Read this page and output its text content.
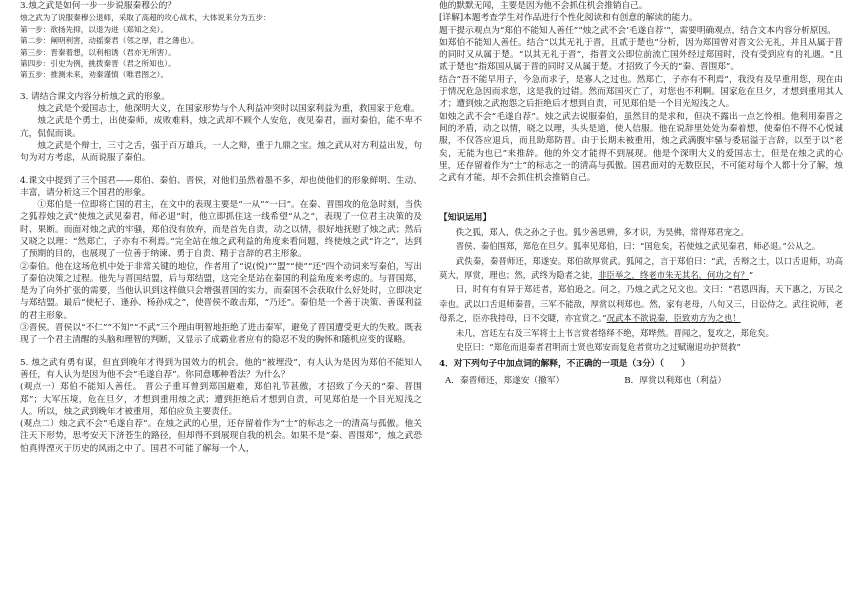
3.烛之武是如何一步一步说服秦穆公的？

烛之武为了说服秦穆公退师，采取了高超的攻心战术，大体说来分为五步：

第一步：欲扬先抑，以退为进（郑知之矣）。

第二步：阐明利害，动摇秦君（邻之厚，君之薄也）。

第三步：晋秦着想，以利相诱（君亦无所害）。

第四步：引史为例，挑拨秦晋（君之所知也）。

第五步：推测未来，劝秦谨慎（唯君图之）。

3. 请结合课文内容分析烛之武的形象。

烛之武是个爱国志士，他深明大义，在国家形势与个人利益冲突时以国家利益为重，救国家于危难。

烛之武是个勇士，出使秦师，成败难料，烛之武却不顾个人安危，夜见秦君，面对秦伯，能不卑不亢，侃侃而谈。

烛之武是个辩士，三寸之舌，强于百万雄兵，一人之辩，重于九鼎之宝。烛之武从对方利益出发，句句为对方考虑，从而说服了秦伯。

4.课文中提到了三个国君——郑伯、秦伯、晋侯，对他们虽然着墨不多，却也使他们的形象鲜明、生动、丰富，请分析这三个国君的形象。

①郑伯是一位即将亡国的君主，在文中的表现主要是“一从”“一曰”。在秦、晋围攻的危急时刻，当佚之狐荐烛之武“使烛之武见秦君，师必退”时，他立即抓住这一线希望“从之”，表现了一位君主决策的及时、果断。而面对烛之武的牢骚，郑伯没有放弃，而是首先自责，动之以情，很好地抚慰了烛之武；然后又晓之以理：“然郑亡，子亦有不利焉。”完全站在烛之武利益的角度来看问题，终使烛之武“许之”，达到了预期的目的，也展现了一位善于纳谏、勇于自责、精于言辞的君主形象。

②秦伯。他在这场危机中处于非常关键的地位，作者用了“说(悦)”“盟”“使”“还”四个动词来写秦伯，写出了秦伯决策之过程。他先与晋国结盟，后与郑结盟，这完全是站在秦国的利益角度来考虑的。与晋国郑，是为了向外扩张的需要，当他认识到这样做只会增强晋国的实力，而秦国不会获取什么好处时，立即决定与郑结盟。最后“使杞子、逢孙、杨孙戍之”，使晋侯不敢击郑，“乃还”。秦伯是一个善于决策、善谋利益的君主形象。

③晋侯。晋侯以“不仁”“不知”“不武”三个理由明智地拒绝了进击秦军，避免了晋国遭受更大的失败。既表现了一个君主清醒的头脑和理智的判断，又显示了成霸业者应有的隐忍不发的胸怀和随机应变的谋略。

5. 烛之武有勇有谋，但直到晚年才得到为国效力的机会。他的“被埋没”，有人认为是因为郑伯不能知人善任，有人认为是因为他不会“毛遂自荐”。你同意哪种看法？为什么？

(观点一）郑伯不能知人善任。 晋公子重耳曾到郑国避难，郑伯礼节甚傲，才招致了今天的“秦、晋围郑”；大军压境，危在旦夕，才想到重用烛之武；遭到拒绝后才想到自责，可见郑伯是一个目光短浅之人。所以，烛之武到晚年才被重用，郑伯应负主要责任。

(观点二）烛之武不会“毛遂自荐”。在烛之武的心里，还存留着作为“士”的标志之一的清高与孤傲。他关注天下形势，思考安天下济苍生的路径，但却得不到展现自我的机会。如果不是“秦、晋围郑”，烛之武恐怕真得湮灭于历史的风雨之中了。国君不可能了解每一个人，

他的默默无闻，主要是因为他不会抓住机会推销自己。

[详解]本题考查学生对作品进行个性化阅读和有创意的解读的能力。

题干提示观点为“郑伯不能知人善任”“烛之武不会‘毛遂自荐’”，需要明确观点，结合文本内容分析原因。

如郑伯不能知人善任。结合“以其无礼于晋，且贰于楚也”分析，因为郑国曾对晋文公无礼，并且从属于晋的同时又从属于楚。“以其无礼于晋”，指晋文公即位前流亡国外经过郑国时，没有受到应有的礼遇。“且贰于楚也”指郑国从属于晋的同时又从属于楚。才招致了今天的“秦、晋围郑”。

结合“吾不能早用子，今急而求子，是寡人之过也。然郑亡，子亦有不利焉”，我没有及早重用您，现在由于情况危急因而求您，这是我的过错。然而郑国灭亡了，对您也不利啊。国家危在旦夕，才想到重用其人才；遭到烛之武抱怨之后拒绝后才想到自责，可见郑伯是一个目光短浅之人。

如烛之武不会“毛遂自荐”。烛之武去说服秦伯，虽然目的是求和，但决不露出一点乞怜相。他利用秦晋之间的矛盾，动之以情，晓之以理，头头是道，使人信服。他在说辞里处处为秦着想，使秦伯不得不心悦诚服，不仅答应退兵，而且助郑防晋。由于长期未被重用，烛之武满腹牢骚与委屈溢于言辞，以至于以“老矣，无能为也已”来推辞。他的外交才能得不到展现。他是个深明大义的爱国志士，但是在烛之武的心里，还存留着作为“士”的标志之一的清高与孤傲。国君面对的无数臣民，不可能对每个人都十分了解，烛之武有才能，却不会抓住机会推销自己。

【知识运用】

佚之狐，郑人，佚之孙之子也。狐少善思辨，多才识，为昊佛，常得郑君宠之。

晋侯、秦伯围郑，郑危在旦夕。狐率见郑伯，曰：“国危矣，若使烛之武见秦君，师必退。”公从之。

武佚秦，秦晋师还，郑遂安。郑伯欲厚赏武。狐闻之，言于郑伯曰：“武，舌辩之士，以口舌退师，功高莫大，厚赏，理也；然，武终为隐者之徒，非臣举之，终老市朱无其名，何功之有？”

日，时有有有异于郑廷者，郑伯逊之。问之，乃烛之武之兄文也。文曰：“君恩四海，天下惠之，万民之幸也。武以口舌退师秦晋，三军不能敌，厚赏以利郑也。然，家有老母，八旬又三，日讼侍之。武往说师，老母系之，臣亦我持母，日不交睫，亦宜赏之。”况武本不欲说秦，臣致劝方为之也！

未几，宫廷左右及三军将士上书言赏者络绎不绝，郑哗然。晋闻之，复攻之，郑危矣。

史臣曰：“郑危而退秦者君明而士贤也郑安而复危者赏功之过赋谢退功护贤救”

4．对下列句子中加点词的解释，不正确的一项是（3分）（　　）

A．秦晋师还，郑遂安（撤军）	B．厚赏以利郑也（利益）
